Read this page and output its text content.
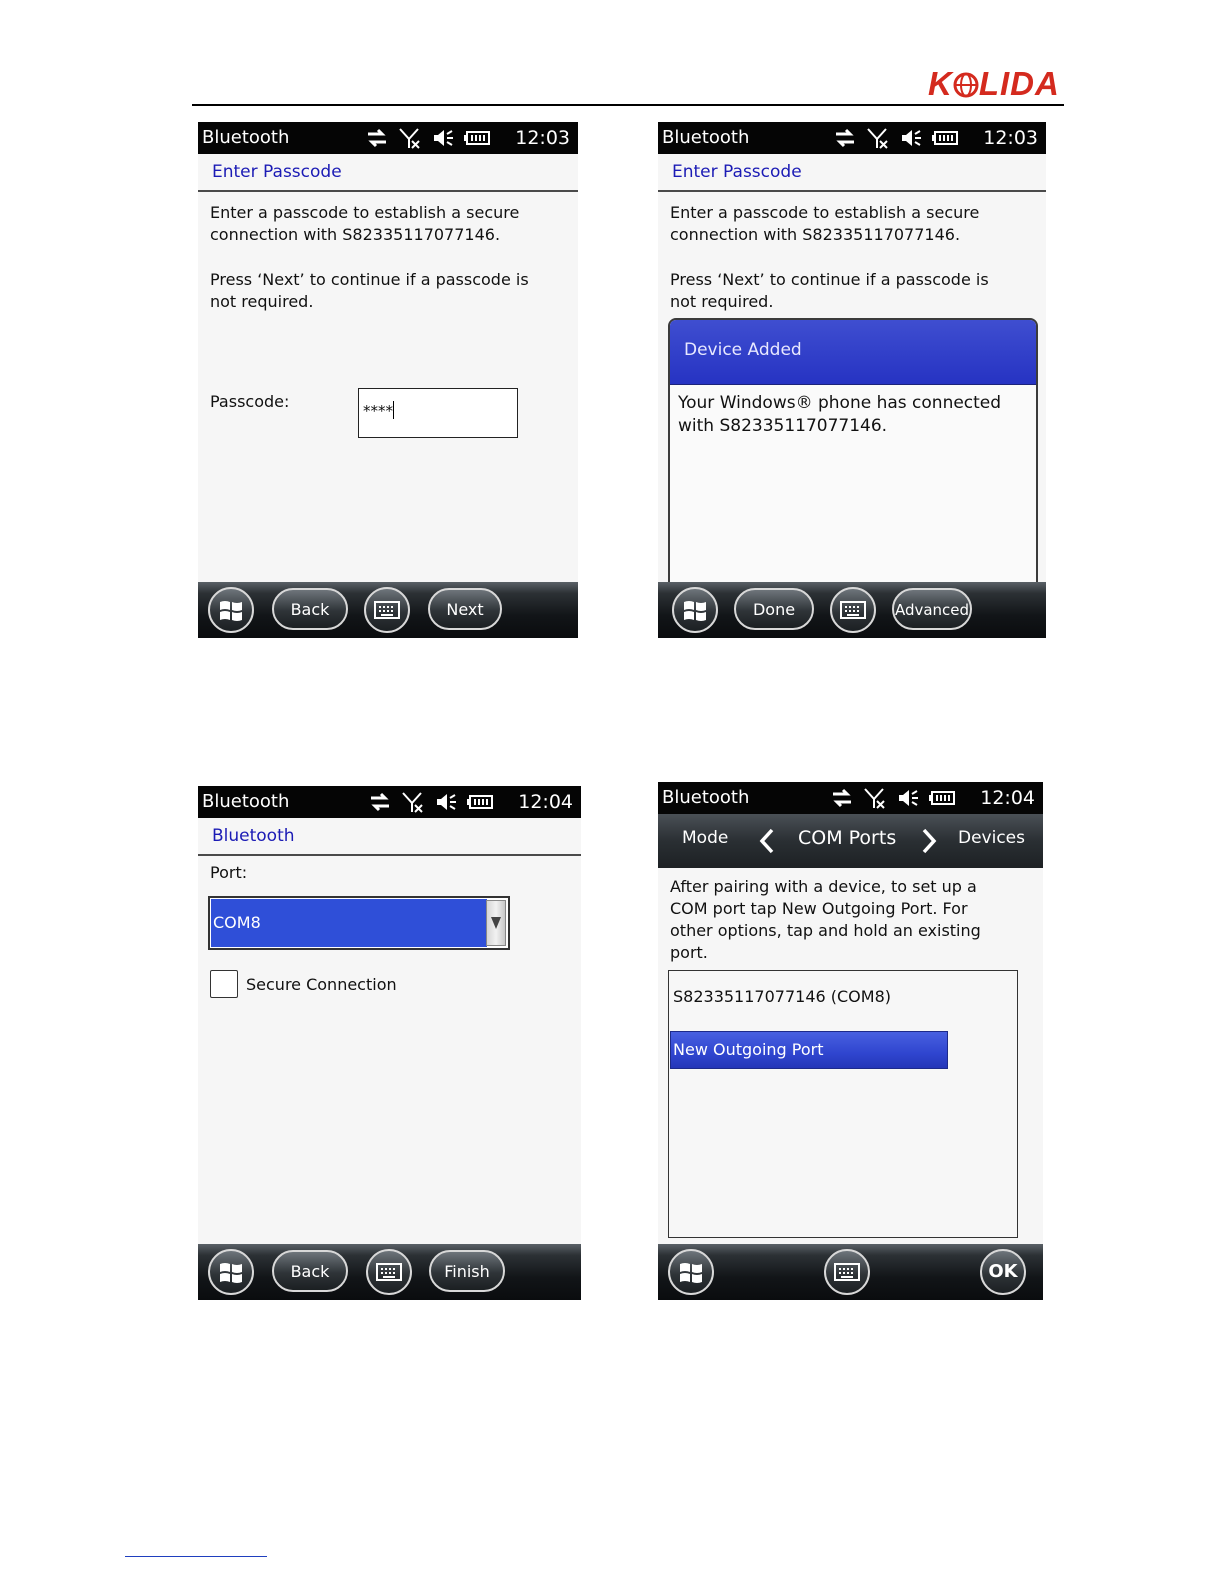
K LIDA
Bluetooth
	12:03
Enter Passcode
Enter a passcode to establish a secure
connection with S82335117077146.
Press ‘Next’ to continue if a passcode is
not required.
Passcode:	****
Back	Next
Bluetooth
	12:03
Enter Passcode
Enter a passcode to establish a secure
connection with S82335117077146.
Press ‘Next’ to continue if a passcode is
not required.
Device Added
Your Windows® phone has connected
with S82335117077146.
Done	Advanced
Bluetooth
	12:04
Bluetooth
Port:
COM8
Secure Connection
Back	Finish
Bluetooth
	12:04
Mode	COM Ports	Devices
After pairing with a device, to set up a
COM port tap New Outgoing Port. For
other options, tap and hold an existing
port.
S82335117077146 (COM8)
New Outgoing Port
OK
